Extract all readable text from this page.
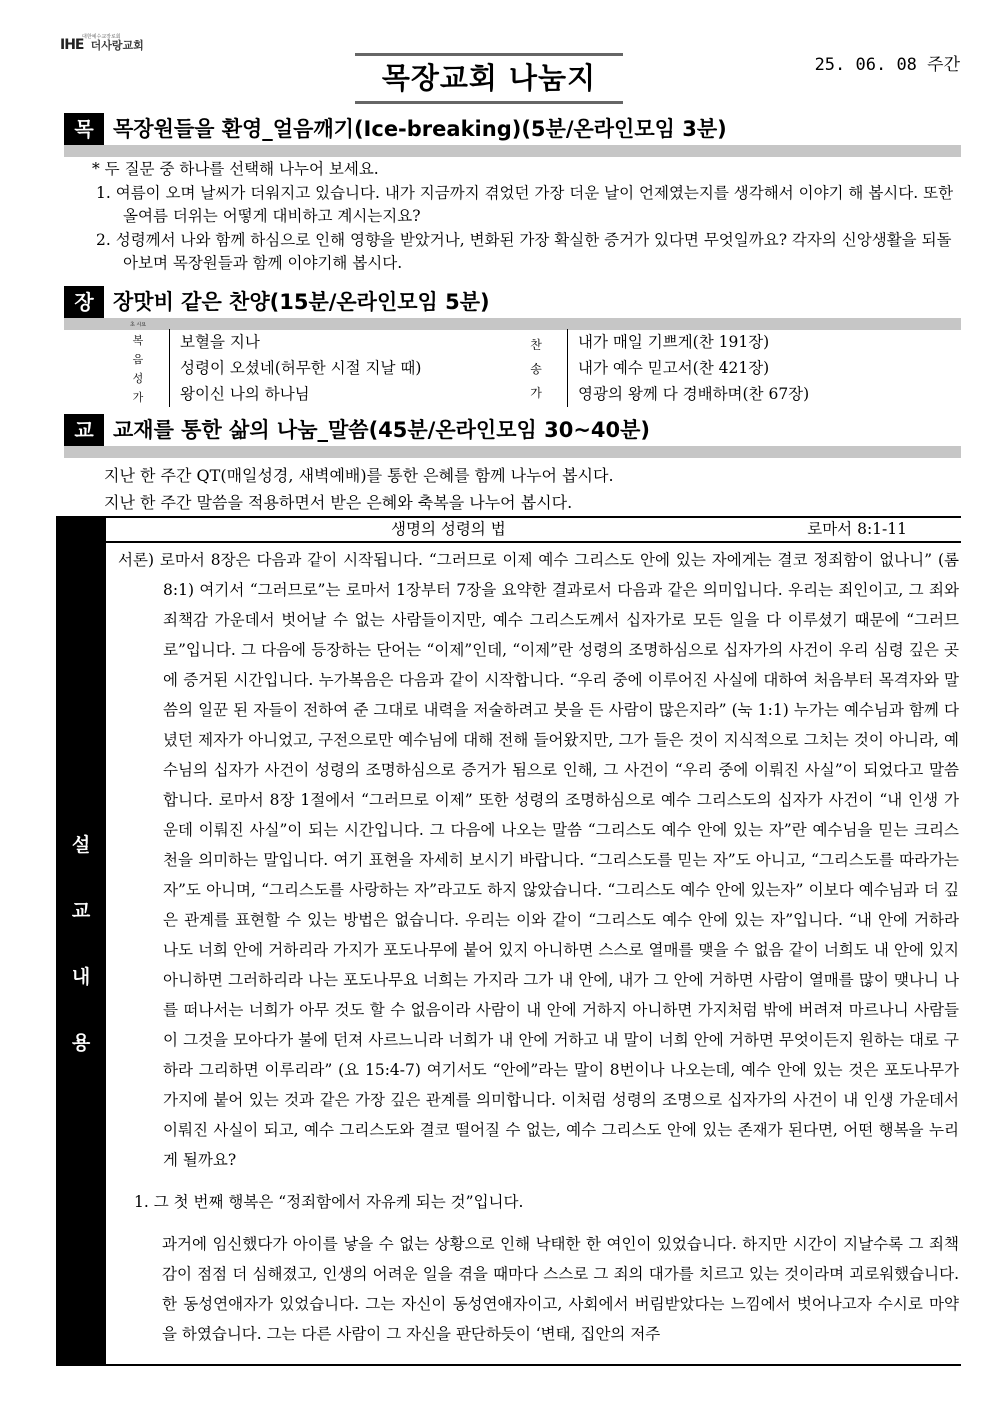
IHE
대한예수교장로회
더사랑교회
25. 06. 08 주간
목장교회 나눔지
목 목장원들을 환영_얼음깨기(Ice-breaking)(5분/온라인모임 3분)

* 두 질문 중 하나를 선택해 나누어 보세요.

1. 여름이 오며 날씨가 더워지고 있습니다. 내가 지금까지 겪었던 가장 더운 날이 언제였는지를 생각해서 이야기 해 봅시다. 또한 올여름 더위는 어떻게 대비하고 계시는지요?

2. 성령께서 나와 함께 하심으로 인해 영향을 받았거나, 변화된 가장 확실한 증거가 있다면 무엇일까요? 각자의 신앙생활을 되돌아보며 목장원들과 함께 이야기해 봅시다.

장 장맛비 같은 찬양(15분/온라인모임 5분)
초 시요
복
음
성
가
보혈을 지나
성령이 오셨네(허무한 시절 지날 때)
왕이신 나의 하나님
찬
송
가
내가 매일 기쁘게(찬 191장)
내가 예수 믿고서(찬 421장)
영광의 왕께 다 경배하며(찬 67장)
교 교재를 통한 삶의 나눔_말씀(45분/온라인모임 30~40분)
지난 한 주간 QT(매일성경, 새벽예배)를 통한 은혜를 함께 나누어 봅시다.
지난 한 주간 말씀을 적용하면서 받은 은혜와 축복을 나누어 봅시다.
설
교
내
용
생명의 성령의 법	로마서 8:1-11

서론) 로마서 8장은 다음과 같이 시작됩니다. “그러므로 이제 예수 그리스도 안에 있는 자에게는 결코 정죄함이 없나니” (롬 8:1) 여기서 “그러므로”는 로마서 1장부터 7장을 요약한 결과로서 다음과 같은 의미입니다. 우리는 죄인이고, 그 죄와 죄책감 가운데서 벗어날 수 없는 사람들이지만, 예수 그리스도께서 십자가로 모든 일을 다 이루셨기 때문에 “그러므로”입니다. 그 다음에 등장하는 단어는 “이제”인데, “이제”란 성령의 조명하심으로 십자가의 사건이 우리 심령 깊은 곳에 증거된 시간입니다. 누가복음은 다음과 같이 시작합니다. “우리 중에 이루어진 사실에 대하여 처음부터 목격자와 말씀의 일꾼 된 자들이 전하여 준 그대로 내력을 저술하려고 붓을 든 사람이 많은지라” (눅 1:1) 누가는 예수님과 함께 다녔던 제자가 아니었고, 구전으로만 예수님에 대해 전해 들어왔지만, 그가 들은 것이 지식적으로 그치는 것이 아니라, 예수님의 십자가 사건이 성령의 조명하심으로 증거가 됨으로 인해, 그 사건이 “우리 중에 이뤄진 사실”이 되었다고 말씀합니다. 로마서 8장 1절에서 “그러므로 이제” 또한 성령의 조명하심으로 예수 그리스도의 십자가 사건이 “내 인생 가운데 이뤄진 사실”이 되는 시간입니다. 그 다음에 나오는 말씀 “그리스도 예수 안에 있는 자”란 예수님을 믿는 크리스천을 의미하는 말입니다. 여기 표현을 자세히 보시기 바랍니다. “그리스도를 믿는 자”도 아니고, “그리스도를 따라가는 자”도 아니며, “그리스도를 사랑하는 자”라고도 하지 않았습니다. “그리스도 예수 안에 있는자” 이보다 예수님과 더 깊은 관계를 표현할 수 있는 방법은 없습니다. 우리는 이와 같이 “그리스도 예수 안에 있는 자”입니다. “내 안에 거하라 나도 너희 안에 거하리라 가지가 포도나무에 붙어 있지 아니하면 스스로 열매를 맺을 수 없음 같이 너희도 내 안에 있지 아니하면 그러하리라 나는 포도나무요 너희는 가지라 그가 내 안에, 내가 그 안에 거하면 사람이 열매를 많이 맺나니 나를 떠나서는 너희가 아무 것도 할 수 없음이라 사람이 내 안에 거하지 아니하면 가지처럼 밖에 버려져 마르나니 사람들이 그것을 모아다가 불에 던져 사르느니라 너희가 내 안에 거하고 내 말이 너희 안에 거하면 무엇이든지 원하는 대로 구하라 그리하면 이루리라” (요 15:4-7) 여기서도 “안에”라는 말이 8번이나 나오는데, 예수 안에 있는 것은 포도나무가 가지에 붙어 있는 것과 같은 가장 깊은 관계를 의미합니다. 이처럼 성령의 조명으로 십자가의 사건이 내 인생 가운데서 이뤄진 사실이 되고, 예수 그리스도와 결코 떨어질 수 없는, 예수 그리스도 안에 있는 존재가 된다면, 어떤 행복을 누리게 될까요?

1. 그 첫 번째 행복은 “정죄함에서 자유케 되는 것”입니다.

과거에 임신했다가 아이를 낳을 수 없는 상황으로 인해 낙태한 한 여인이 있었습니다. 하지만 시간이 지날수록 그 죄책감이 점점 더 심해졌고, 인생의 어려운 일을 겪을 때마다 스스로 그 죄의 대가를 치르고 있는 것이라며 괴로워했습니다. 한 동성연애자가 있었습니다. 그는 자신이 동성연애자이고, 사회에서 버림받았다는 느낌에서 벗어나고자 수시로 마약을 하였습니다. 그는 다른 사람이 그 자신을 판단하듯이 ‘변태, 집안의 저주
